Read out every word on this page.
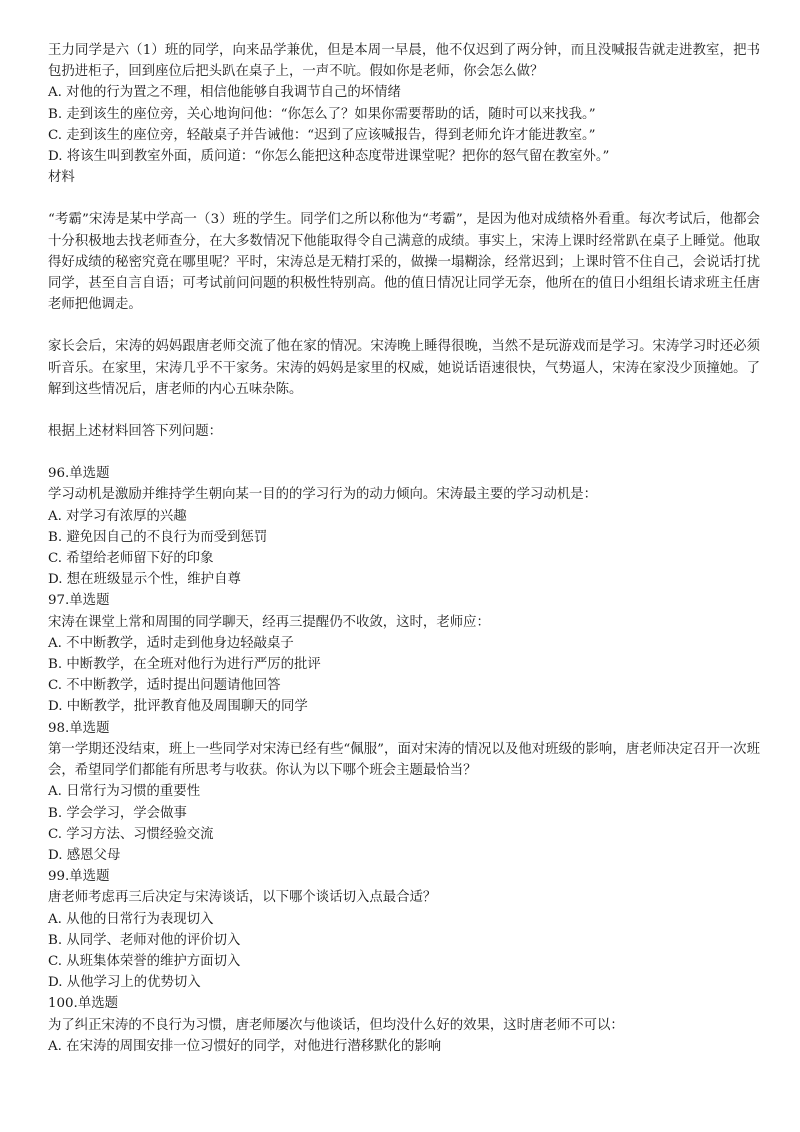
王力同学是六（1）班的同学，向来品学兼优，但是本周一早晨，他不仅迟到了两分钟，而且没喊报告就走进教室，把书包扔进柜子，回到座位后把头趴在桌子上，一声不吭。假如你是老师，你会怎么做？

A. 对他的行为置之不理，相信他能够自我调节自己的坏情绪

B. 走到该生的座位旁，关心地询问他：“你怎么了？如果你需要帮助的话，随时可以来找我。”

C. 走到该生的座位旁，轻敲桌子并告诫他：“迟到了应该喊报告，得到老师允许才能进教室。”

D. 将该生叫到教室外面，质问道：“你怎么能把这种态度带进课堂呢？把你的怒气留在教室外。”

材料

“考霸”宋涛是某中学高一（3）班的学生。同学们之所以称他为“考霸”，是因为他对成绩格外看重。每次考试后，他都会十分积极地去找老师查分，在大多数情况下他能取得令自己满意的成绩。事实上，宋涛上课时经常趴在桌子上睡觉。他取得好成绩的秘密究竟在哪里呢？平时，宋涛总是无精打采的，做操一塌糊涂，经常迟到；上课时管不住自己，会说话打扰同学，甚至自言自语；可考试前问问题的积极性特别高。他的值日情况让同学无奈，他所在的值日小组组长请求班主任唐老师把他调走。

家长会后，宋涛的妈妈跟唐老师交流了他在家的情况。宋涛晚上睡得很晚，当然不是玩游戏而是学习。宋涛学习时还必须听音乐。在家里，宋涛几乎不干家务。宋涛的妈妈是家里的权威，她说话语速很快，气势逼人，宋涛在家没少顶撞她。了解到这些情况后，唐老师的内心五味杂陈。

根据上述材料回答下列问题：

96.单选题

学习动机是激励并维持学生朝向某一目的的学习行为的动力倾向。宋涛最主要的学习动机是：

A. 对学习有浓厚的兴趣

B. 避免因自己的不良行为而受到惩罚

C. 希望给老师留下好的印象

D. 想在班级显示个性，维护自尊

97.单选题

宋涛在课堂上常和周围的同学聊天，经再三提醒仍不收敛，这时，老师应：

A. 不中断教学，适时走到他身边轻敲桌子

B. 中断教学，在全班对他行为进行严厉的批评

C. 不中断教学，适时提出问题请他回答

D. 中断教学，批评教育他及周围聊天的同学

98.单选题

第一学期还没结束，班上一些同学对宋涛已经有些“佩服”，面对宋涛的情况以及他对班级的影响，唐老师决定召开一次班会，希望同学们都能有所思考与收获。你认为以下哪个班会主题最恰当？

A. 日常行为习惯的重要性

B. 学会学习，学会做事

C. 学习方法、习惯经验交流

D. 感恩父母

99.单选题

唐老师考虑再三后决定与宋涛谈话，以下哪个谈话切入点最合适？

A. 从他的日常行为表现切入

B. 从同学、老师对他的评价切入

C. 从班集体荣誉的维护方面切入

D. 从他学习上的优势切入

100.单选题

为了纠正宋涛的不良行为习惯，唐老师屡次与他谈话，但均没什么好的效果，这时唐老师不可以：

A. 在宋涛的周围安排一位习惯好的同学，对他进行潜移默化的影响
